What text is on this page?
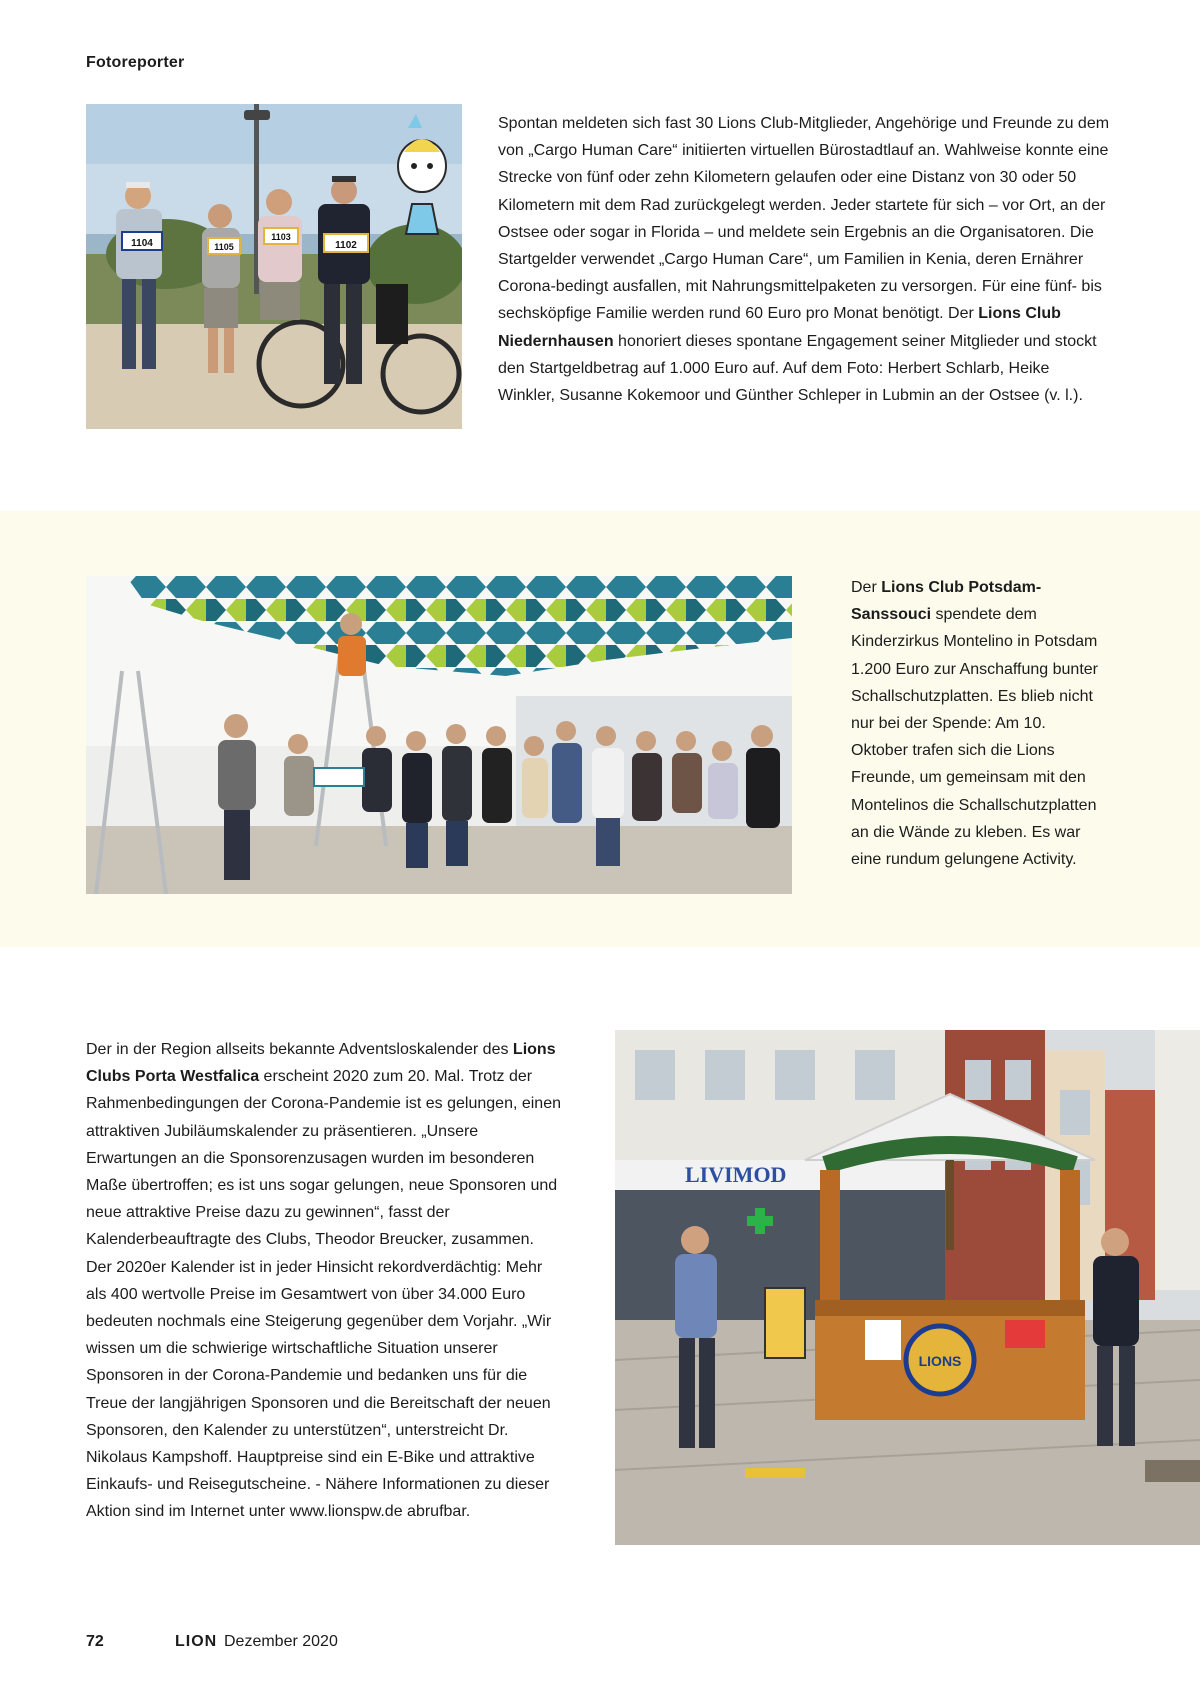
Fotoreporter
1104	1105
1103
1102

Spontan meldeten sich fast 30 Lions Club-Mitglieder, Angehörige und Freunde zu dem von „Cargo Human Care“ initiierten virtuellen Bürostadtlauf an. Wahlweise konnte eine Strecke von fünf oder zehn Kilometern gelaufen oder eine Distanz von 30 oder 50 Kilometern mit dem Rad zurückgelegt werden. Jeder startete für sich – vor Ort, an der Ostsee oder sogar in Florida – und meldete sein Ergebnis an die Organisatoren. Die Startgelder verwendet „Cargo Human Care“, um Familien in Kenia, deren Ernährer Corona-bedingt ausfallen, mit Nahrungsmittelpaketen zu versorgen. Für eine fünf- bis sechsköpfige Familie werden rund 60 Euro pro Monat benötigt. Der Lions Club Niedernhausen honoriert dieses spontane Engagement seiner Mitglieder und stockt den Startgeldbetrag auf 1.000 Euro auf. Auf dem Foto: Herbert Schlarb, Heike Winkler, Susanne Kokemoor und Günther Schleper in Lubmin an der Ostsee (v. l.).

Der Lions Club Potsdam-Sanssouci spendete dem Kinderzirkus Montelino in Potsdam 1.200 Euro zur Anschaffung bunter Schallschutzplatten. Es blieb nicht nur bei der Spende: Am 10. Oktober trafen sich die Lions Freunde, um gemeinsam mit den Montelinos die Schallschutzplatten an die Wände zu kleben. Es war eine rundum gelungene Activity.

Der in der Region allseits bekannte Adventsloskalender des Lions Clubs Porta Westfalica erscheint 2020 zum 20. Mal. Trotz der Rahmenbedingungen der Corona-Pandemie ist es gelungen, einen attraktiven Jubiläumskalender zu präsentieren. „Unsere Erwartungen an die Sponsorenzusagen wurden im besonderen Maße übertroffen; es ist uns sogar gelungen, neue Sponsoren und neue attraktive Preise dazu zu gewinnen“, fasst der Kalenderbeauftragte des Clubs, Theodor Breucker, zusammen. Der 2020er Kalender ist in jeder Hinsicht rekordverdächtig: Mehr als 400 wertvolle Preise im Gesamtwert von über 34.000 Euro bedeuten nochmals eine Steigerung gegenüber dem Vorjahr. „Wir wissen um die schwierige wirtschaftliche Situation unserer Sponsoren in der Corona-Pandemie und bedanken uns für die Treue der langjährigen Sponsoren und die Bereitschaft der neuen Sponsoren, den Kalender zu unterstützen“, unterstreicht Dr. Nikolaus Kampshoff. Hauptpreise sind ein E-Bike und attraktive Einkaufs- und Reisegutscheine. - Nähere Informationen zu dieser Aktion sind im Internet unter www.lionspw.de abrufbar.

LIVIMOD
LIONS
72	LION Dezember 2020
